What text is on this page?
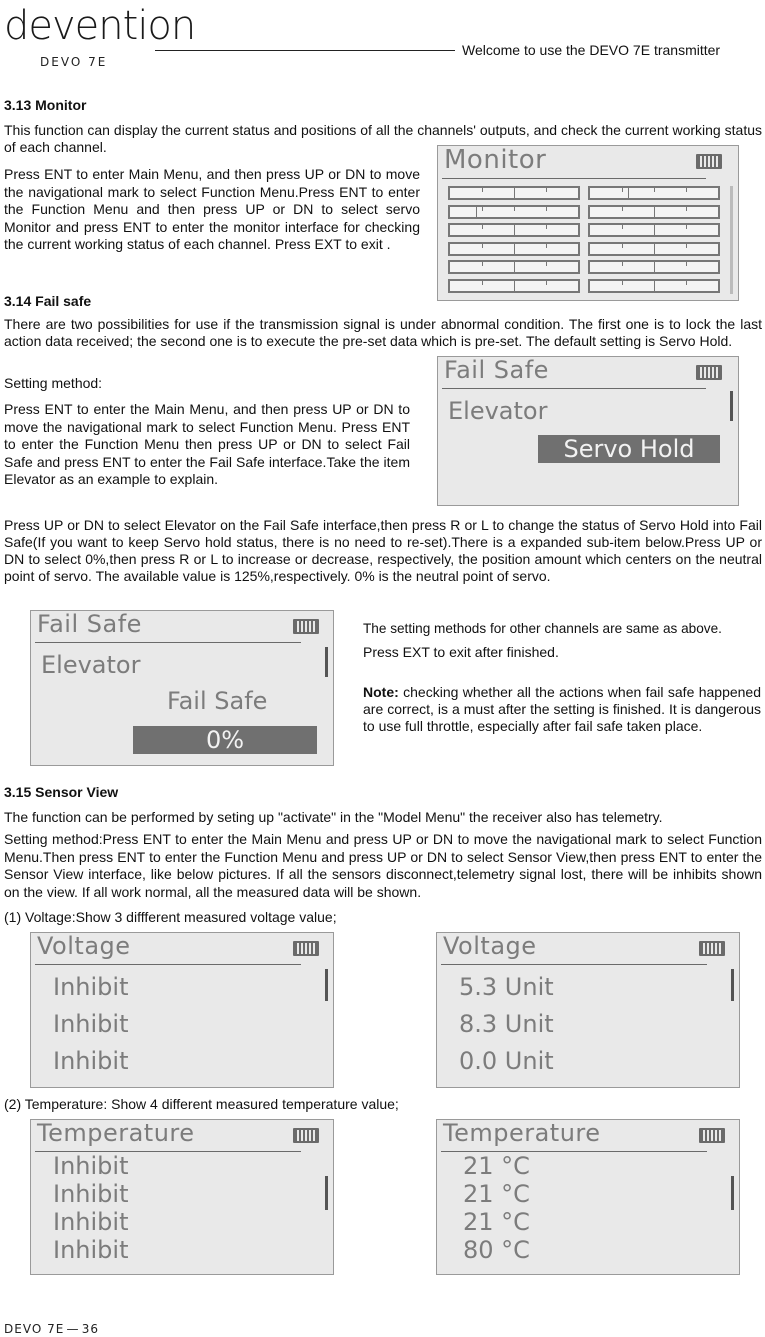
devention
DEVO 7E
Welcome to use the DEVO 7E transmitter
3.13 Monitor

This function can display the current status and positions of all the channels' outputs, and check the current working status of each channel.

Press ENT to enter Main Menu, and then press UP or DN to move the navigational mark to select Function Menu.Press ENT to enter the Function Menu and then press UP or DN to select servo Monitor and press ENT to enter the monitor interface for checking the current working status of each channel. Press EXT to exit .

Monitor
3.14 Fail safe

There are two possibilities for use if the transmission signal is under abnormal condition. The first one is to lock the last action data received; the second one is to execute the pre-set data which is pre-set. The default setting is Servo Hold.

Setting method:

Press ENT to enter the Main Menu, and then press UP or DN to move the navigational mark to select Function Menu. Press ENT to enter the Function Menu then press UP or DN to select Fail Safe and press ENT to enter the Fail Safe interface.Take the item Elevator as an example to explain.

Fail Safe
Elevator
Servo Hold

Press UP or DN to select Elevator on the Fail Safe interface,then press R or L to change the status of Servo Hold into Fail Safe(If you want to keep Servo hold status, there is no need to re-set).There is a expanded sub-item below.Press UP or DN to select 0%,then press R or L to increase or decrease, respectively, the position amount which centers on the neutral point of servo. The available value is 125%,respectively. 0% is the neutral point of servo.

Fail Safe
Elevator
Fail Safe
0%

The setting methods for other channels are same as above.

Press EXT to exit after finished.

Note: checking whether all the actions when fail safe happened are correct, is a must after the setting is finished. It is dangerous to use full throttle, especially after fail safe taken place.

3.15 Sensor View

The function can be performed by seting up "activate" in the "Model Menu" the receiver also has telemetry.

Setting method:Press ENT to enter the Main Menu and press UP or DN to move the navigational mark to select Function Menu.Then press ENT to enter the Function Menu and press UP or DN to select Sensor View,then press ENT to enter the Sensor View interface, like below pictures. If all the sensors disconnect,telemetry signal lost, there will be inhibits shown on the view. If all work normal, all the measured data will be shown.

(1) Voltage:Show 3 diffferent measured voltage value;

Voltage
Inhibit
Inhibit
Inhibit
Voltage
5.3 Unit
8.3 Unit
0.0 Unit

(2) Temperature: Show 4 different measured temperature value;

Temperature
Inhibit
Inhibit
Inhibit
Inhibit
Temperature
21 °C
21 °C
21 °C
80 °C
DEVO 7E — 36
